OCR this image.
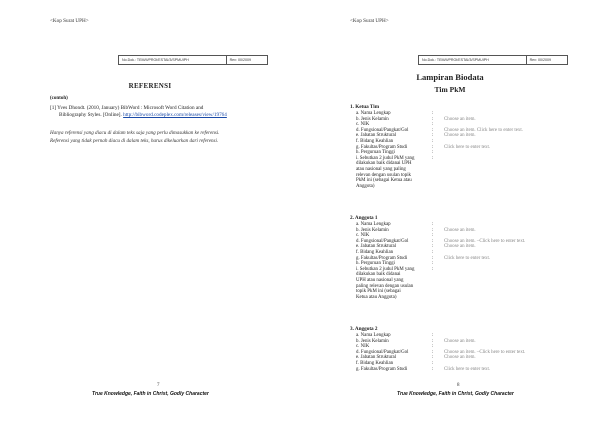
<Kop Surat UPH>
No.Dok.: TEM/II/PROI/ESTAI/3/SPMUIPH	Rev: 00/2009
REFERENSI
(contoh)
[1] Yves Dhondt. (2010, January) BibWord : Microsoft Word Citation and
Bibliography Styles. [Online]. http://bibword.codeplex.com/releases/view/19764
Hanya referensi yang diacu di dalam teks saja yang perlu dimasukkan ke referensi.
Referensi yang tidak pernah diacu di dalam teks, harus dikeluarkan dari referensi.
7
True Knowledge, Faith in Christ, Godly Character
<Kop Surat UPH>
No.Dok.: TEM/II/PROI/ESTAI/3/SPMUIPH	Rev: 00/2009
Lampiran Biodata
Tim PkM
1. Ketua Tim
a. Nama Lengkap	:
b. Jenis Kelamin	:	Choose an item.
c. NIK	:
d. Fungsional/Pangkat/Gol	:	Choose an item. Click here to enter text.
e. Jabatan Struktural	:	Choose an item.
f. Bidang Keahlian	:
g. Fakultas/Program Studi	:	Click here to enter text.
h. Perguruan Tinggi	:
i. Sebutkan 2 judul PkM yang
dilakukan baik didanai UPH
atau nasional yang paling
relevan dengan usulan topik
PkM ini (sebagai Ketua atau
Anggota)
:
2. Anggota 1
a. Nama Lengkap	:
b. Jenis Kelamin	:	Choose an item.
c. NIK	:
d. Fungsional/Pangkat/Gol	:	Choose an item. –Click here to enter text.
e. Jabatan Struktural	:	Choose an item.
f. Bidang Keahlian	:
g. Fakultas/Program Studi	:	Click here to enter text.
h. Perguruan Tinggi	:
i. Sebutkan 2 judul PkM yang
dilakukan baik didanai
UPH atau nasional yang
paling relevan dengan usulan
topik PkM ini (sebagai
Ketua atau Anggota)
:
3. Anggota 2
a. Nama Lengkap	:
b. Jenis Kelamin	:	Choose an item.
c. NIK	:
d. Fungsional/Pangkat/Gol	:	Choose an item. –Click here to enter text.
e. Jabatan Struktural	:	Choose an item.
f. Bidang Keahlian	:
g. Fakultas/Program Studi	:	Click here to enter text.
8
True Knowledge, Faith in Christ, Godly Character
